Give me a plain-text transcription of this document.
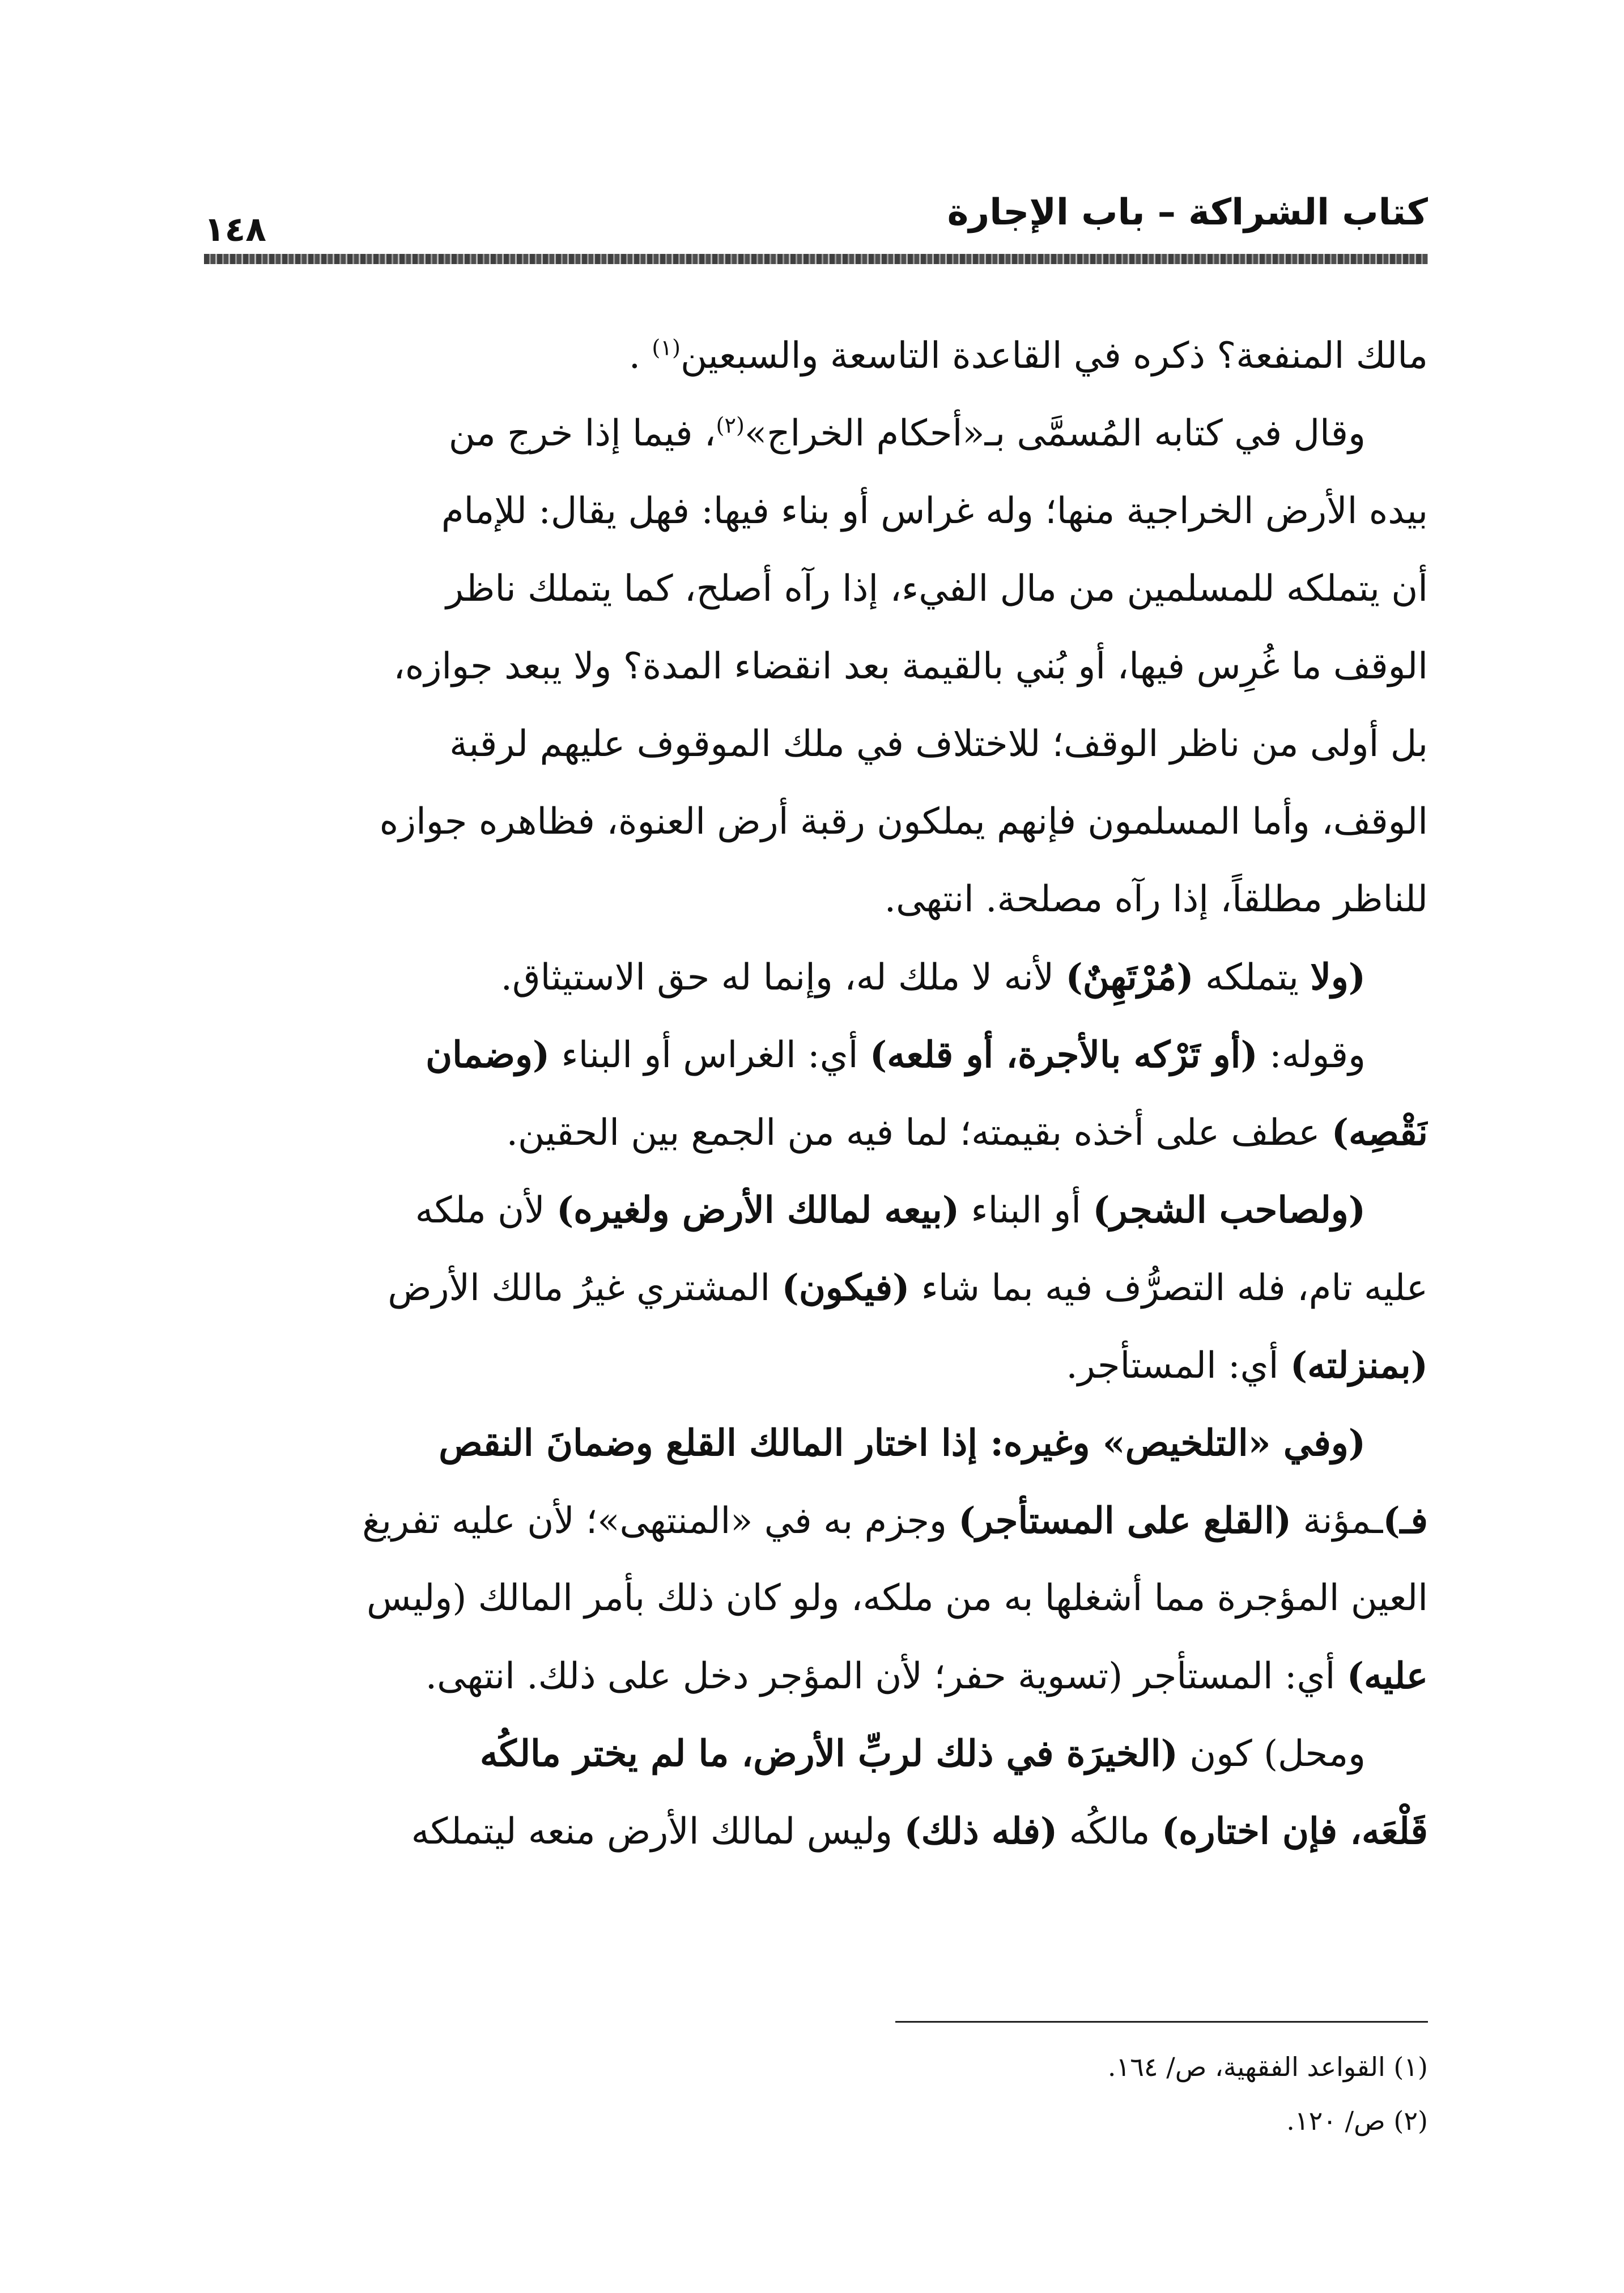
كتاب الشراكة – باب الإجارة
١٤٨
مالك المنفعة؟ ذكره في القاعدة التاسعة والسبعين$^{(١)}$ .
وقال في كتابه المُسمَّى بـ«أحكام الخراج»$^{(٢)}$، فيما إذا خرج من
بيده الأرض الخراجية منها؛ وله غراس أو بناء فيها: فهل يقال: للإمام
أن يتملكه للمسلمين من مال الفيء، إذا رآه أصلح، كما يتملك ناظر
الوقف ما غُرِس فيها، أو بُني بالقيمة بعد انقضاء المدة؟ ولا يبعد جوازه،
بل أولى من ناظر الوقف؛ للاختلاف في ملك الموقوف عليهم لرقبة
الوقف، وأما المسلمون فإنهم يملكون رقبة أرض العنوة، فظاهره جوازه
للناظر مطلقاً، إذا رآه مصلحة. انتهى.
(ولا يتملكه (مُرْتَهِنٌ) لأنه لا ملك له، وإنما له حق الاستيثاق.
وقوله: (أو تَرْكه بالأجرة، أو قلعه) أي: الغراس أو البناء (وضمان
نَقْصِه) عطف على أخذه بقيمته؛ لما فيه من الجمع بين الحقين.
(ولصاحب الشجر) أو البناء (بيعه لمالك الأرض ولغيره) لأن ملكه
عليه تام، فله التصرُّف فيه بما شاء (فيكون) المشتري غيرُ مالك الأرض
(بمنزلته) أي: المستأجر.
(وفي «التلخيص» وغيره: إذا اختار المالك القلع وضمانَ النقص
فـ)ـمؤنة (القلع على المستأجر) وجزم به في «المنتهى»؛ لأن عليه تفريغ
العين المؤجرة مما أشغلها به من ملكه، ولو كان ذلك بأمر المالك (وليس
عليه) أي: المستأجر (تسوية حفر؛ لأن المؤجر دخل على ذلك. انتهى.
ومحل) كون (الخيرَة في ذلك لربِّ الأرض، ما لم يختر مالكُه
قَلْعَه، فإن اختاره) مالكُه (فله ذلك) وليس لمالك الأرض منعه ليتملكه
(١) القواعد الفقهية، ص/ ١٦٤.
(٢) ص/ ١٢٠.
